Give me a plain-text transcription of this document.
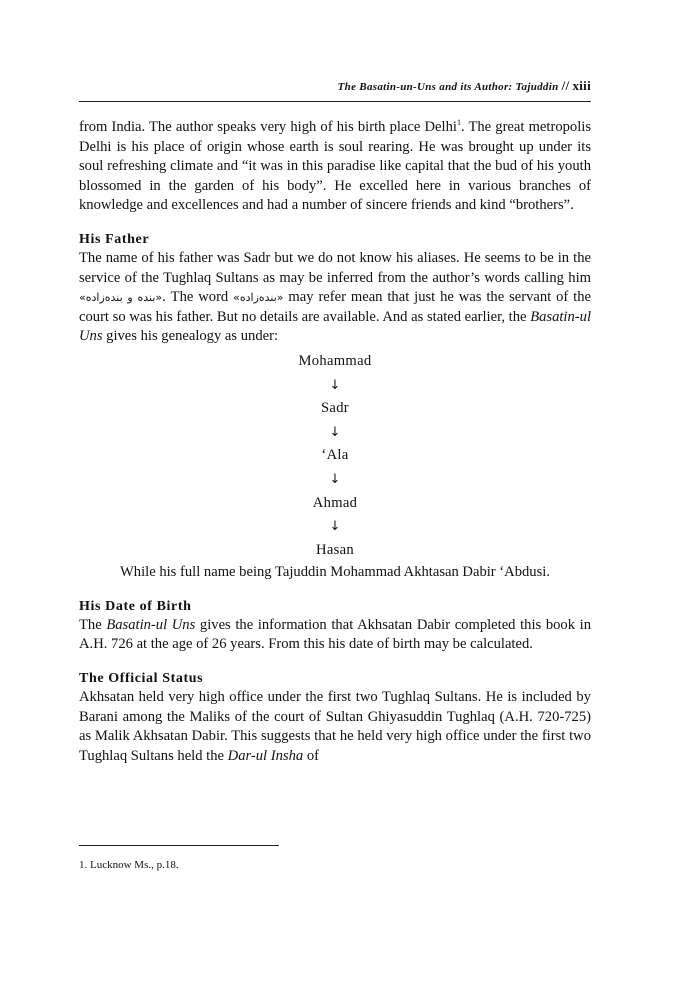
The Basatin-un-Uns and its Author: Tajuddin // xiii

from India. The author speaks very high of his birth place Delhi$^1$. The great metropolis Delhi is his place of origin whose earth is soul rearing. He was brought up under its soul refreshing climate and “it was in this paradise like capital that the bud of his youth blossomed in the garden of his body”. He excelled here in various branches of knowledge and excellences and had a number of sincere friends and kind “brothers”.

His Father

The name of his father was Sadr but we do not know his aliases. He seems to be in the service of the Tughlaq Sultans as may be inferred from the author’s words calling him «بنده و بنده‌زاده». The word «بنده‌زاده» may refer mean that just he was the servant of the court so was his father. But no details are available. And as stated earlier, the Basatin-ul Uns gives his genealogy as under:

Mohammad
↓
Sadr
↓
‘Ala
↓
Ahmad
↓
Hasan

While his full name being Tajuddin Mohammad Akhtasan Dabir ‘Abdusi.

His Date of Birth

The Basatin-ul Uns gives the information that Akhsatan Dabir completed this book in A.H. 726 at the age of 26 years. From this his date of birth may be calculated.

The Official Status

Akhsatan held very high office under the first two Tughlaq Sultans. He is included by Barani among the Maliks of the court of Sultan Ghiyasuddin Tughlaq (A.H. 720-725) as Malik Akhsatan Dabir. This suggests that he held very high office under the first two Tughlaq Sultans held the Dar-ul Insha of

1. Lucknow Ms., p.18.
